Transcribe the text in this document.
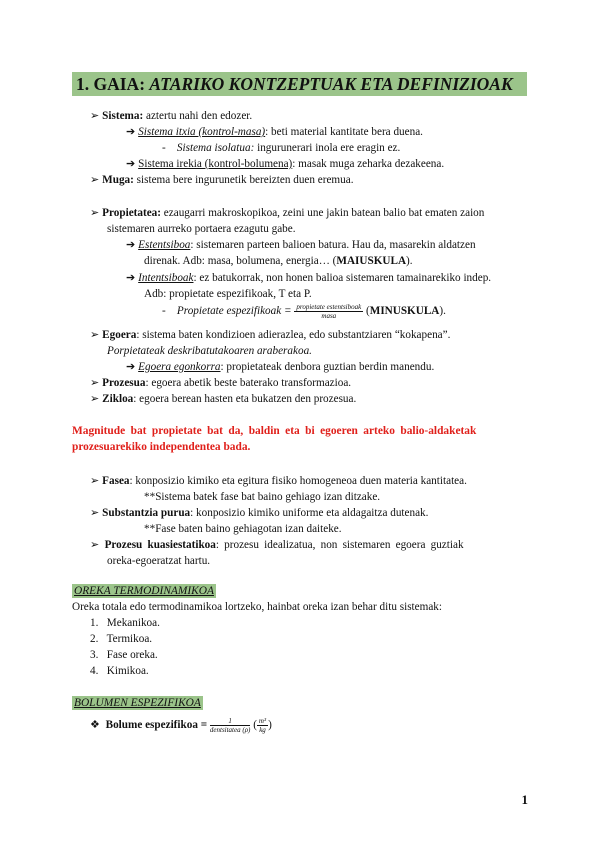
1. GAIA: ATARIKO KONTZEPTUAK ETA DEFINIZIOAK
➢ Sistema: aztertu nahi den edozer.
➔ Sistema itxia (kontrol-masa): beti material kantitate bera duena.
- Sistema isolatua: ingurunerari inola ere eragin ez.
➔ Sistema irekia (kontrol-bolumena): masak muga zeharka dezakeena.
➢ Muga: sistema bere ingurunetik bereizten duen eremua.
➢ Propietatea: ezaugarri makroskopikoa, zeini une jakin batean balio bat ematen zaion
sistemaren aurreko portaera ezagutu gabe.
➔ Estentsiboa: sistemaren parteen balioen batura. Hau da, masarekin aldatzen
direnak. Adb: masa, bolumena, energia… (MAIUSKULA).
➔ Intentsiboak: ez batukorrak, non honen balioa sistemaren tamainarekiko indep.
Adb: propietate espezifikoak, T eta P.
- Propietate espezifikoak = $\frac{\text{propietate estentsiboak}}{\text{masa}}$ (MINUSKULA).
➢ Egoera: sistema baten kondizioen adierazlea, edo substantziaren “kokapena”.
Porpietateak deskribatutakoaren araberakoa.
➔ Egoera egonkorra: propietateak denbora guztian berdin manendu.
➢ Prozesua: egoera abetik beste baterako transformazioa.
➢ Zikloa: egoera berean hasten eta bukatzen den prozesua.
Magnitude bat propietate bat da, baldin eta bi egoeren arteko balio-aldaketak
prozesuarekiko independentea bada.
➢ Fasea: konposizio kimiko eta egitura fisiko homogeneoa duen materia kantitatea.
**Sistema batek fase bat baino gehiago izan ditzake.
➢ Substantzia purua: konposizio kimiko uniforme eta aldagaitza dutenak.
**Fase baten baino gehiagotan izan daiteke.
➢ Prozesu kuasiestatikoa: prozesu idealizatua, non sistemaren egoera guztiak
oreka-egoeratzat hartu.
OREKA TERMODINAMIKOA
Oreka totala edo termodinamikoa lortzeko, hainbat oreka izan behar ditu sistemak:
1. Mekanikoa.
2. Termikoa.
3. Fase oreka.
4. Kimikoa.
BOLUMEN ESPEZIFIKOA
❖ Bolume espezifikoa = $\frac{1}{\text{dentsitatea (ρ)}}$ ( $\frac{\text{m³}}{kg}$ )
1
